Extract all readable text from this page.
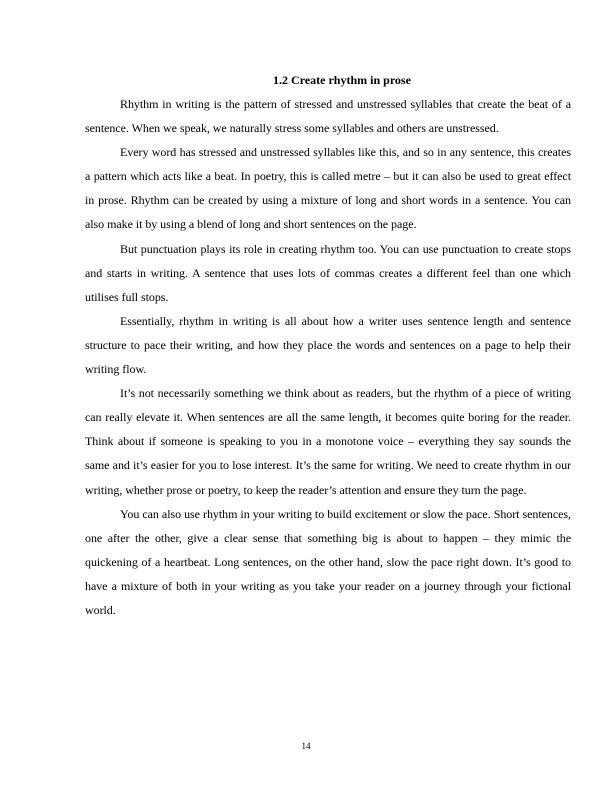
1.2 Create rhythm in prose

Rhythm in writing is the pattern of stressed and unstressed syllables that create the beat of a sentence. When we speak, we naturally stress some syllables and others are unstressed.

Every word has stressed and unstressed syllables like this, and so in any sentence, this creates a pattern which acts like a beat. In poetry, this is called metre – but it can also be used to great effect in prose. Rhythm can be created by using a mixture of long and short words in a sentence. You can also make it by using a blend of long and short sentences on the page.

But punctuation plays its role in creating rhythm too. You can use punctuation to create stops and starts in writing. A sentence that uses lots of commas creates a different feel than one which utilises full stops.

Essentially, rhythm in writing is all about how a writer uses sentence length and sentence structure to pace their writing, and how they place the words and sentences on a page to help their writing flow.

It’s not necessarily something we think about as readers, but the rhythm of a piece of writing can really elevate it. When sentences are all the same length, it becomes quite boring for the reader. Think about if someone is speaking to you in a monotone voice – everything they say sounds the same and it’s easier for you to lose interest. It’s the same for writing. We need to create rhythm in our writing, whether prose or poetry, to keep the reader’s attention and ensure they turn the page.

You can also use rhythm in your writing to build excitement or slow the pace. Short sentences, one after the other, give a clear sense that something big is about to happen – they mimic the quickening of a heartbeat. Long sentences, on the other hand, slow the pace right down. It’s good to have a mixture of both in your writing as you take your reader on a journey through your fictional world.

14
